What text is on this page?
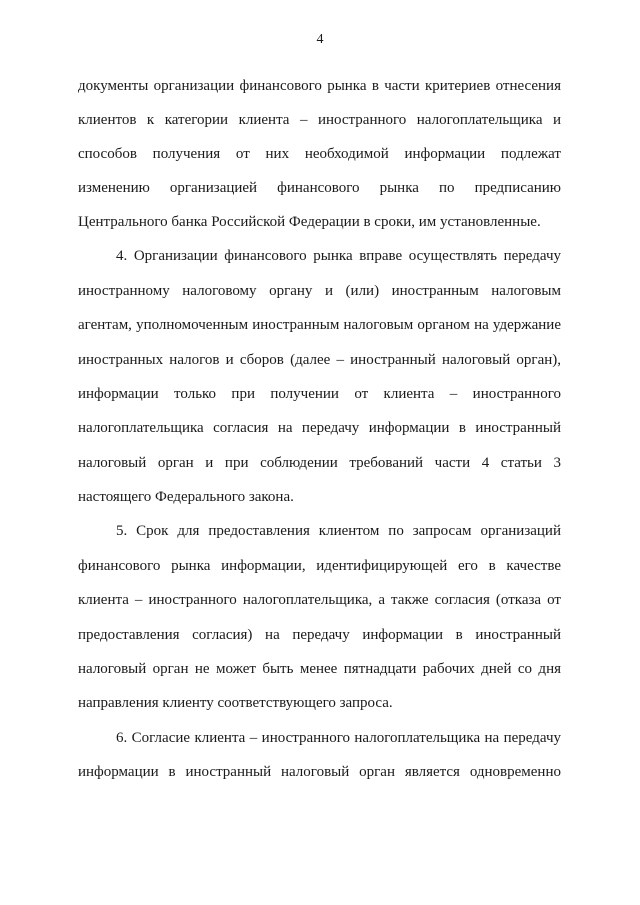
4
документы организации финансового рынка в части критериев отнесения
клиентов к категории клиента – иностранного налогоплательщика и
способов получения от них необходимой информации подлежат
изменению организацией финансового рынка по предписанию
Центрального банка Российской Федерации в сроки, им установленные.
4. Организации финансового рынка вправе осуществлять передачу
иностранному налоговому органу и (или) иностранным налоговым
агентам, уполномоченным иностранным налоговым органом на удержание
иностранных налогов и сборов (далее – иностранный налоговый орган),
информации только при получении от клиента – иностранного
налогоплательщика согласия на передачу информации в иностранный
налоговый орган и при соблюдении требований части 4 статьи 3
настоящего Федерального закона.
5. Срок для предоставления клиентом по запросам организаций
финансового рынка информации, идентифицирующей его в качестве
клиента – иностранного налогоплательщика, а также согласия (отказа от
предоставления согласия) на передачу информации в иностранный
налоговый орган не может быть менее пятнадцати рабочих дней со дня
направления клиенту соответствующего запроса.
6. Согласие клиента – иностранного налогоплательщика на передачу
информации в иностранный налоговый орган является одновременно
